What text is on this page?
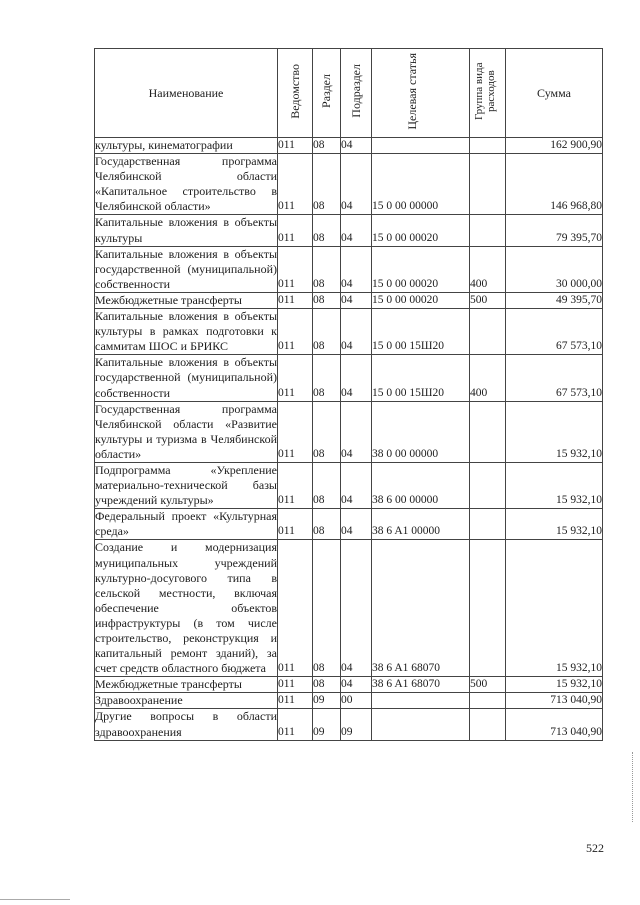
Наименование	Ведомство	Раздел	Подраздел	Целевая статья	Группа вида расходов	Сумма
культуры, кинематографии	011	08	04			162 900,90
Государственная программа Челябинской области «Капитальное строительство в Челябинской области»	011	08	04	15 0 00 00000		146 968,80
Капитальные вложения в объекты культуры	011	08	04	15 0 00 00020		79 395,70
Капитальные вложения в объекты государственной (муниципальной) собственности	011	08	04	15 0 00 00020	400	30 000,00
Межбюджетные трансферты	011	08	04	15 0 00 00020	500	49 395,70
Капитальные вложения в объекты культуры в рамках подготовки к саммитам ШОС и БРИКС	011	08	04	15 0 00 15Ш20		67 573,10
Капитальные вложения в объекты государственной (муниципальной) собственности	011	08	04	15 0 00 15Ш20	400	67 573,10
Государственная программа Челябинской области «Развитие культуры и туризма в Челябинской области»	011	08	04	38 0 00 00000		15 932,10
Подпрограмма «Укрепление материально-технической базы учреждений культуры»	011	08	04	38 6 00 00000		15 932,10
Федеральный проект «Культурная среда»	011	08	04	38 6 A1 00000		15 932,10
Создание и модернизация муниципальных учреждений культурно-досугового типа в сельской местности, включая обеспечение объектов инфраструктуры (в том числе строительство, реконструкция и капитальный ремонт зданий), за счет средств областного бюджета	011	08	04	38 6 A1 68070		15 932,10
Межбюджетные трансферты	011	08	04	38 6 A1 68070	500	15 932,10
Здравоохранение	011	09	00			713 040,90
Другие вопросы в области здравоохранения	011	09	09			713 040,90
522
